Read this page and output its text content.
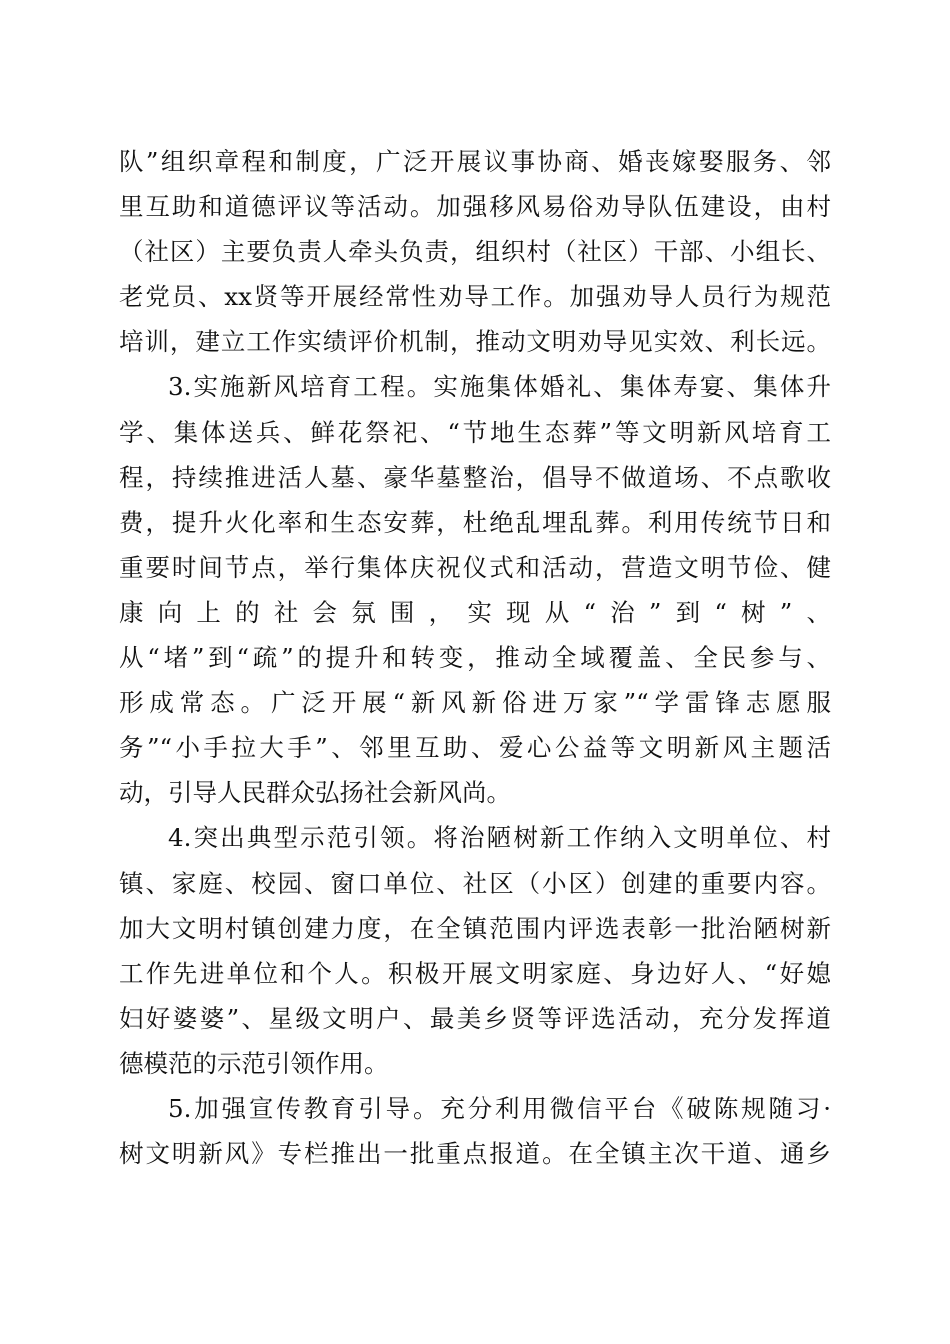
队”组织章程和制度，广泛开展议事协商、婚丧嫁娶服务、邻
里互助和道德评议等活动。加强移风易俗劝导队伍建设，由村
（社区）主要负责人牵头负责，组织村（社区）干部、小组长、
老党员、xx贤等开展经常性劝导工作。加强劝导人员行为规范
培训，建立工作实绩评价机制，推动文明劝导见实效、利长远。
3.实施新风培育工程。实施集体婚礼、集体寿宴、集体升
学、集体送兵、鲜花祭祀、“节地生态葬”等文明新风培育工
程，持续推进活人墓、豪华墓整治，倡导不做道场、不点歌收
费，提升火化率和生态安葬，杜绝乱埋乱葬。利用传统节日和
重要时间节点，举行集体庆祝仪式和活动，营造文明节俭、健
康向上的社会氛围，实现从“治”到“树”、
从“堵”到“疏”的提升和转变，推动全域覆盖、全民参与、
形成常态。广泛开展“新风新俗进万家”“学雷锋志愿服
务”“小手拉大手”、邻里互助、爱心公益等文明新风主题活
动，引导人民群众弘扬社会新风尚。
4.突出典型示范引领。将治陋树新工作纳入文明单位、村
镇、家庭、校园、窗口单位、社区（小区）创建的重要内容。
加大文明村镇创建力度，在全镇范围内评选表彰一批治陋树新
工作先进单位和个人。积极开展文明家庭、身边好人、“好媳
妇好婆婆”、星级文明户、最美乡贤等评选活动，充分发挥道
德模范的示范引领作用。
5.加强宣传教育引导。充分利用微信平台《破陈规随习·
树文明新风》专栏推出一批重点报道。在全镇主次干道、通乡
